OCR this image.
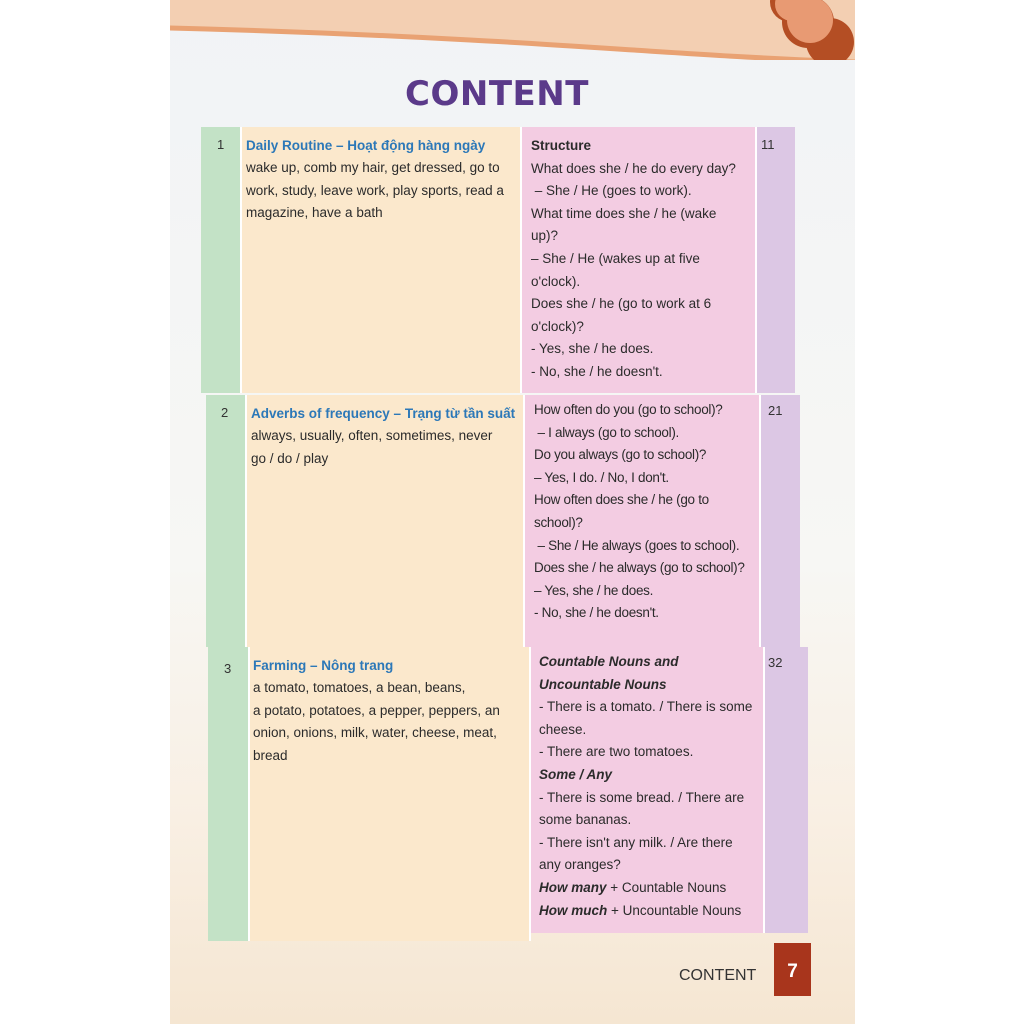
CONTENT
1 Daily Routine – Hoạt động hàng ngày
wake up, comb my hair, get dressed, go to
work, study, leave work, play sports, read a
magazine, have a bath
Structure
What does she / he do every day?
– She / He (goes to work).
What time does she / he (wake
up)?
– She / He (wakes up at five
o'clock).
Does she / he (go to work at 6
o'clock)?
- Yes, she / he does.
- No, she / he doesn't.
11
2 Adverbs of frequency – Trạng từ tần suất
always, usually, often, sometimes, never
go / do / play
How often do you (go to school)?
– I always (go to school).
Do you always (go to school)?
– Yes, I do. / No, I don't.
How often does she / he (go to
school)?
– She / He always (goes to school).
Does she / he always (go to school)?
– Yes, she / he does.
- No, she / he doesn't.
21
3 Farming – Nông trang
a tomato, tomatoes, a bean, beans,
a potato, potatoes, a pepper, peppers, an
onion, onions, milk, water, cheese, meat,
bread
Countable Nouns and
Uncountable Nouns
- There is a tomato. / There is some
cheese.
- There are two tomatoes.
Some / Any
- There is some bread. / There are
some bananas.
- There isn't any milk. / Are there
any oranges?
How many + Countable Nouns
How much + Uncountable Nouns
32
CONTENT	7
